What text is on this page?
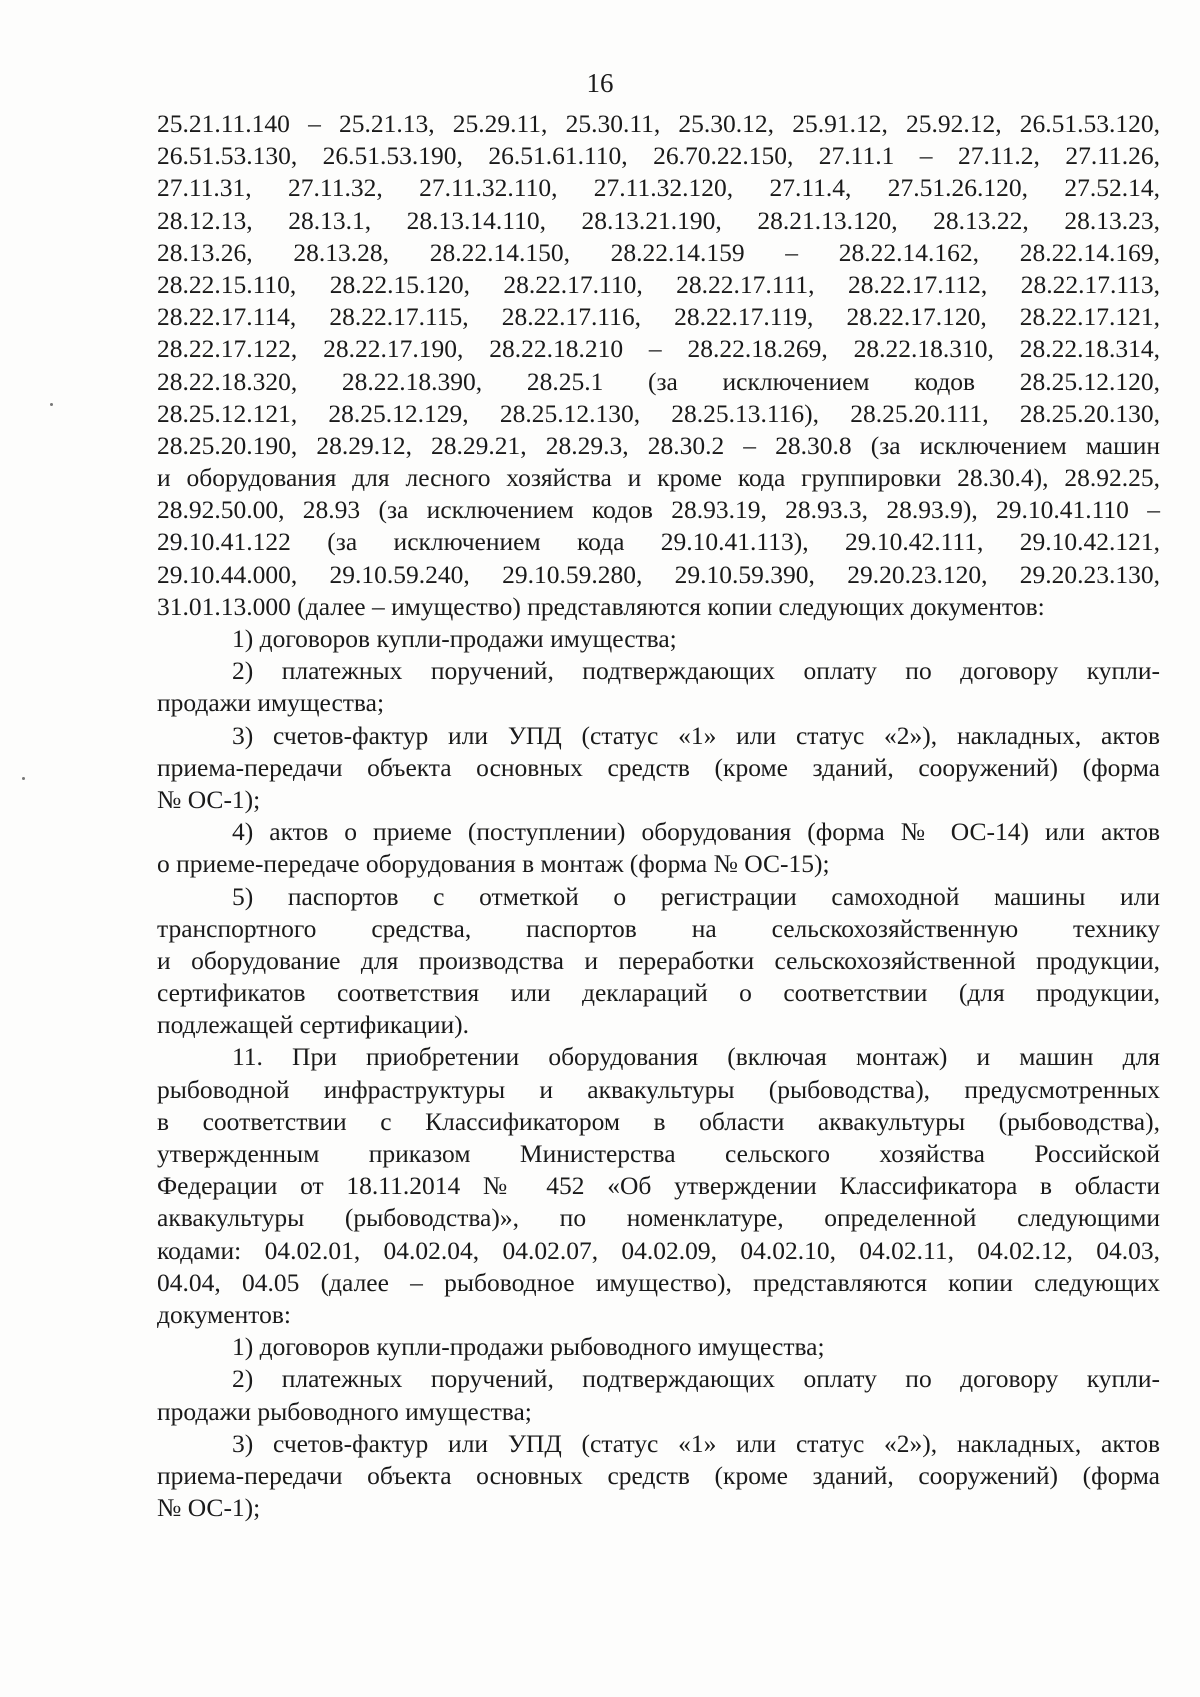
16
25.21.11.140 – 25.21.13, 25.29.11, 25.30.11, 25.30.12, 25.91.12, 25.92.12, 26.51.53.120,
26.51.53.130, 26.51.53.190, 26.51.61.110, 26.70.22.150, 27.11.1 – 27.11.2, 27.11.26,
27.11.31, 27.11.32, 27.11.32.110, 27.11.32.120, 27.11.4, 27.51.26.120, 27.52.14,
28.12.13, 28.13.1, 28.13.14.110, 28.13.21.190, 28.21.13.120, 28.13.22, 28.13.23,
28.13.26, 28.13.28, 28.22.14.150, 28.22.14.159 – 28.22.14.162, 28.22.14.169,
28.22.15.110, 28.22.15.120, 28.22.17.110, 28.22.17.111, 28.22.17.112, 28.22.17.113,
28.22.17.114, 28.22.17.115, 28.22.17.116, 28.22.17.119, 28.22.17.120, 28.22.17.121,
28.22.17.122, 28.22.17.190, 28.22.18.210 – 28.22.18.269, 28.22.18.310, 28.22.18.314,
28.22.18.320, 28.22.18.390, 28.25.1 (за исключением кодов 28.25.12.120,
28.25.12.121, 28.25.12.129, 28.25.12.130, 28.25.13.116), 28.25.20.111, 28.25.20.130,
28.25.20.190, 28.29.12, 28.29.21, 28.29.3, 28.30.2 – 28.30.8 (за исключением машин
и оборудования для лесного хозяйства и кроме кода группировки 28.30.4), 28.92.25,
28.92.50.00, 28.93 (за исключением кодов 28.93.19, 28.93.3, 28.93.9), 29.10.41.110 –
29.10.41.122 (за исключением кода 29.10.41.113), 29.10.42.111, 29.10.42.121,
29.10.44.000, 29.10.59.240, 29.10.59.280, 29.10.59.390, 29.20.23.120, 29.20.23.130,
31.01.13.000 (далее – имущество) представляются копии следующих документов:
1) договоров купли-продажи имущества;
2) платежных поручений, подтверждающих оплату по договору купли-
продажи имущества;
3) счетов-фактур или УПД (статус «1» или статус «2»), накладных, актов
приема-передачи объекта основных средств (кроме зданий, сооружений) (форма
№ ОС-1);
4) актов о приеме (поступлении) оборудования (форма № ОС-14) или актов
о приеме-передаче оборудования в монтаж (форма № ОС-15);
5) паспортов с отметкой о регистрации самоходной машины или
транспортного средства, паспортов на сельскохозяйственную технику
и оборудование для производства и переработки сельскохозяйственной продукции,
сертификатов соответствия или деклараций о соответствии (для продукции,
подлежащей сертификации).
11. При приобретении оборудования (включая монтаж) и машин для
рыбоводной инфраструктуры и аквакультуры (рыбоводства), предусмотренных
в соответствии с Классификатором в области аквакультуры (рыбоводства),
утвержденным приказом Министерства сельского хозяйства Российской
Федерации от 18.11.2014 № 452 «Об утверждении Классификатора в области
аквакультуры (рыбоводства)», по номенклатуре, определенной следующими
кодами: 04.02.01, 04.02.04, 04.02.07, 04.02.09, 04.02.10, 04.02.11, 04.02.12, 04.03,
04.04, 04.05 (далее – рыбоводное имущество), представляются копии следующих
документов:
1) договоров купли-продажи рыбоводного имущества;
2) платежных поручений, подтверждающих оплату по договору купли-
продажи рыбоводного имущества;
3) счетов-фактур или УПД (статус «1» или статус «2»), накладных, актов
приема-передачи объекта основных средств (кроме зданий, сооружений) (форма
№ ОС-1);
